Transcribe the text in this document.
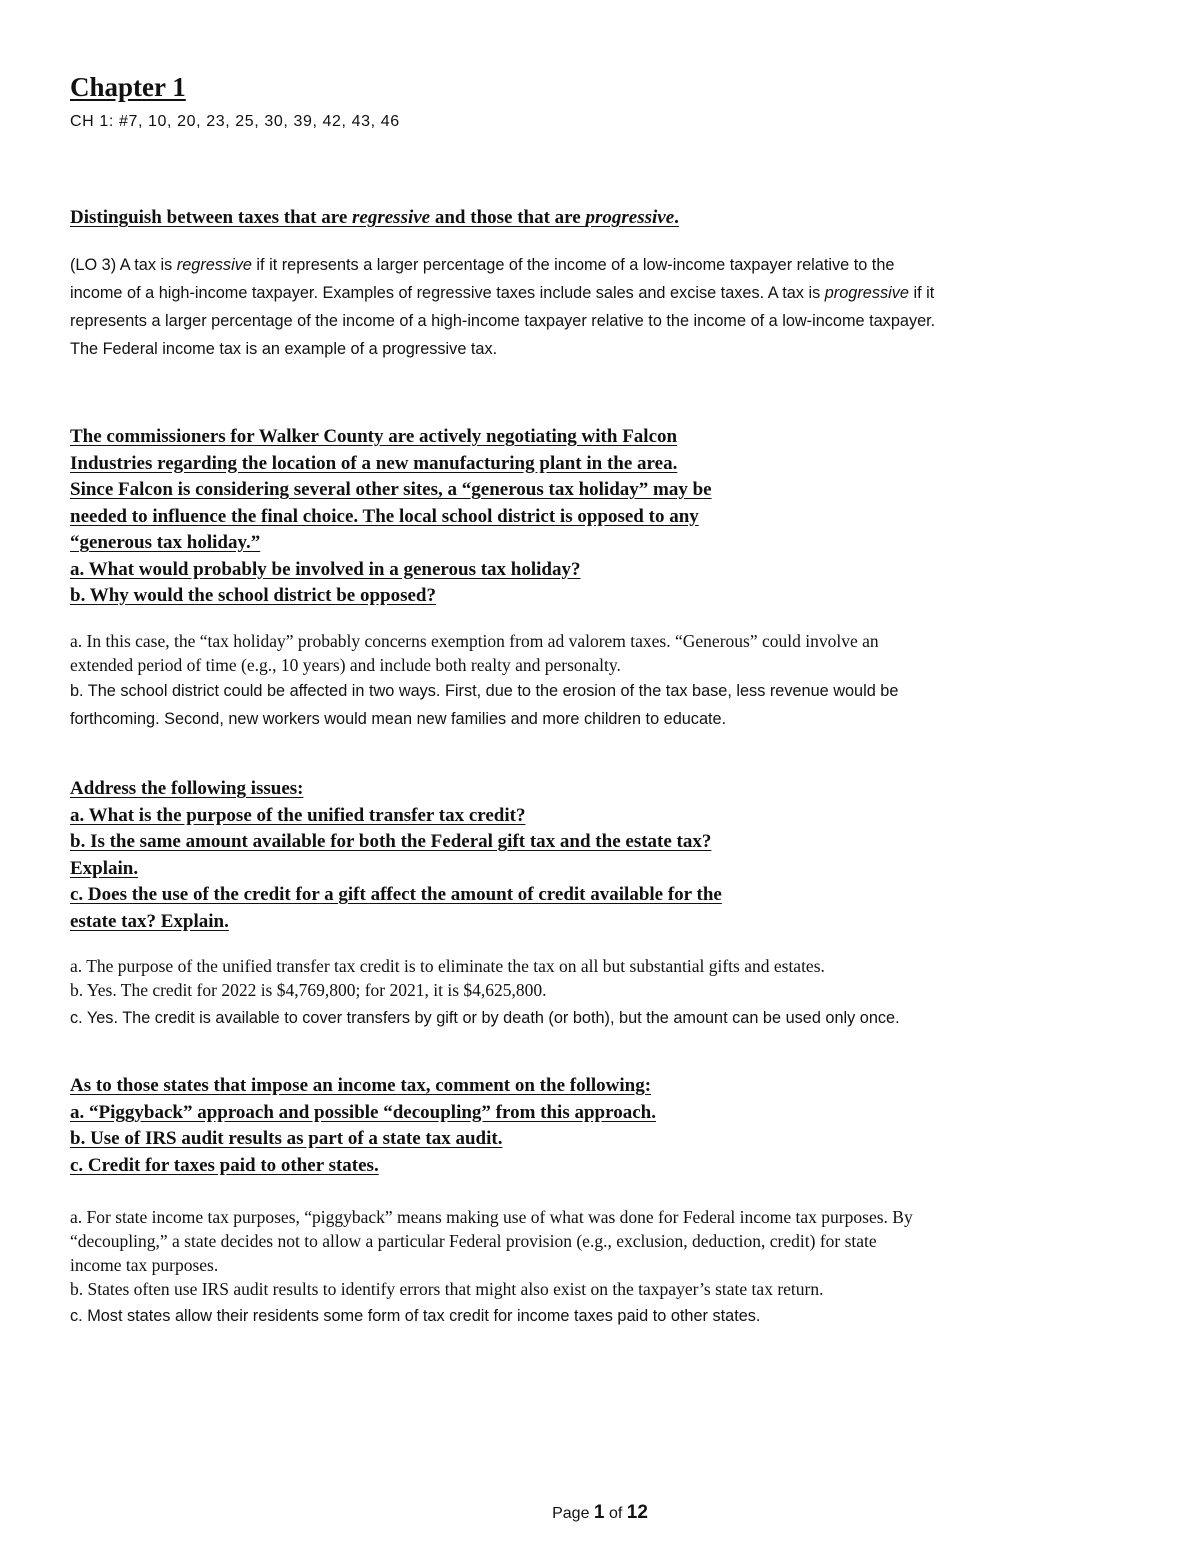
Chapter 1

CH 1: #7, 10, 20, 23, 25, 30, 39, 42, 43, 46

Distinguish between taxes that are regressive and those that are progressive.

(LO 3) A tax is regressive if it represents a larger percentage of the income of a low-income taxpayer relative to the
income of a high-income taxpayer. Examples of regressive taxes include sales and excise taxes. A tax is progressive if it
represents a larger percentage of the income of a high-income taxpayer relative to the income of a low-income taxpayer.
The Federal income tax is an example of a progressive tax.
The commissioners for Walker County are actively negotiating with Falcon
Industries regarding the location of a new manufacturing plant in the area.
Since Falcon is considering several other sites, a “generous tax holiday” may be
needed to influence the final choice. The local school district is opposed to any
“generous tax holiday.”
a. What would probably be involved in a generous tax holiday?
b. Why would the school district be opposed?
a. In this case, the “tax holiday” probably concerns exemption from ad valorem taxes. “Generous” could involve an
extended period of time (e.g., 10 years) and include both realty and personalty.
b. The school district could be affected in two ways. First, due to the erosion of the tax base, less revenue would be
forthcoming. Second, new workers would mean new families and more children to educate.
Address the following issues:
a. What is the purpose of the unified transfer tax credit?
b. Is the same amount available for both the Federal gift tax and the estate tax?
Explain.
c. Does the use of the credit for a gift affect the amount of credit available for the
estate tax? Explain.
a. The purpose of the unified transfer tax credit is to eliminate the tax on all but substantial gifts and estates.
b. Yes. The credit for 2022 is $4,769,800; for 2021, it is $4,625,800.
c. Yes. The credit is available to cover transfers by gift or by death (or both), but the amount can be used only once.
As to those states that impose an income tax, comment on the following:
a. “Piggyback” approach and possible “decoupling” from this approach.
b. Use of IRS audit results as part of a state tax audit.
c. Credit for taxes paid to other states.
a. For state income tax purposes, “piggyback” means making use of what was done for Federal income tax purposes. By
“decoupling,” a state decides not to allow a particular Federal provision (e.g., exclusion, deduction, credit) for state
income tax purposes.
b. States often use IRS audit results to identify errors that might also exist on the taxpayer’s state tax return.
c. Most states allow their residents some form of tax credit for income taxes paid to other states.

Page 1 of 12
